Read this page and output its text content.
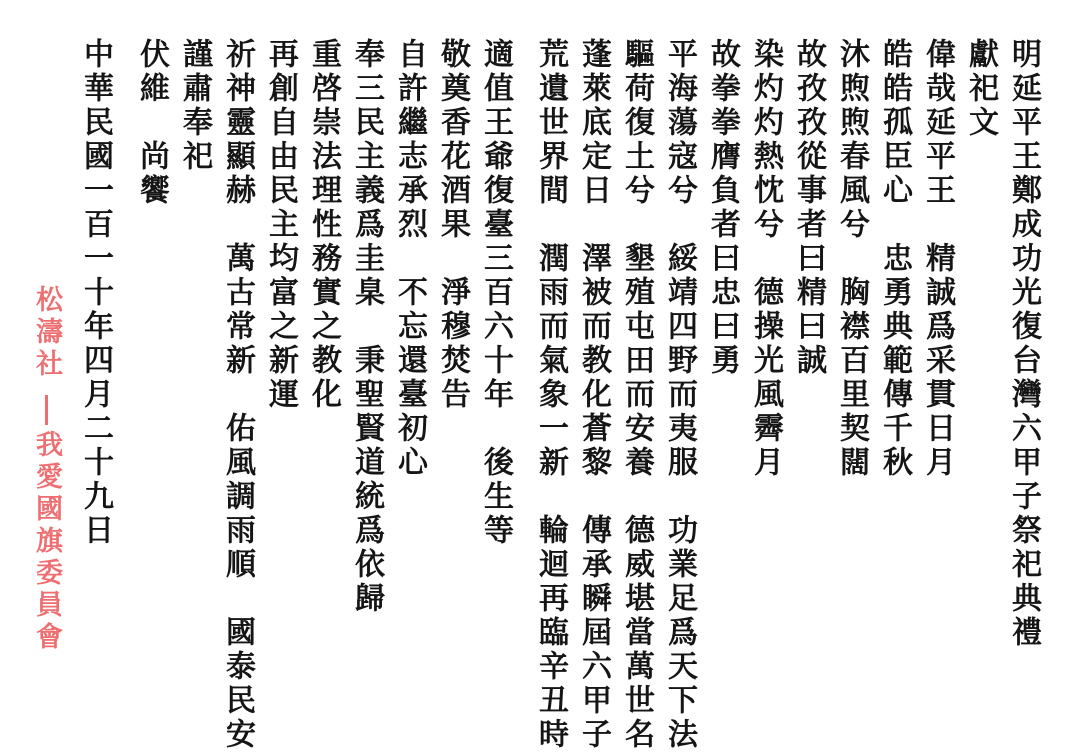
明延平王鄭成功光復台灣六甲子祭祀典禮
獻祀文
偉哉延平王　精誠爲采貫日月
皓皓孤臣心　忠勇典範傳千秋
沐煦煦春風兮　胸襟百里契闊
故孜孜從事者曰精曰誠
染灼灼熱忱兮　德操光風霽月
故拳拳膺負者曰忠曰勇
平海蕩寇兮　綏靖四野而夷服　功業足爲天下法
驅荷復土兮　墾殖屯田而安養　德威堪當萬世名
蓬萊底定日　澤被而教化蒼黎　傳承瞬屆六甲子
荒遺世界間　潤雨而氣象一新　輪迴再臨辛丑時
適值王爺復臺三百六十年　後生等
敬奠香花酒果　淨穆焚告
自許繼志承烈　不忘還臺初心
奉三民主義爲圭臬　秉聖賢道統爲依歸
重啓崇法理性務實之教化
再創自由民主均富之新運
祈神靈顯赫　萬古常新　佑風調雨順　國泰民安
謹肅奉祀
伏維　尚饗
中華民國一百一十年四月二十九日
松濤社
我愛國旗委員會
